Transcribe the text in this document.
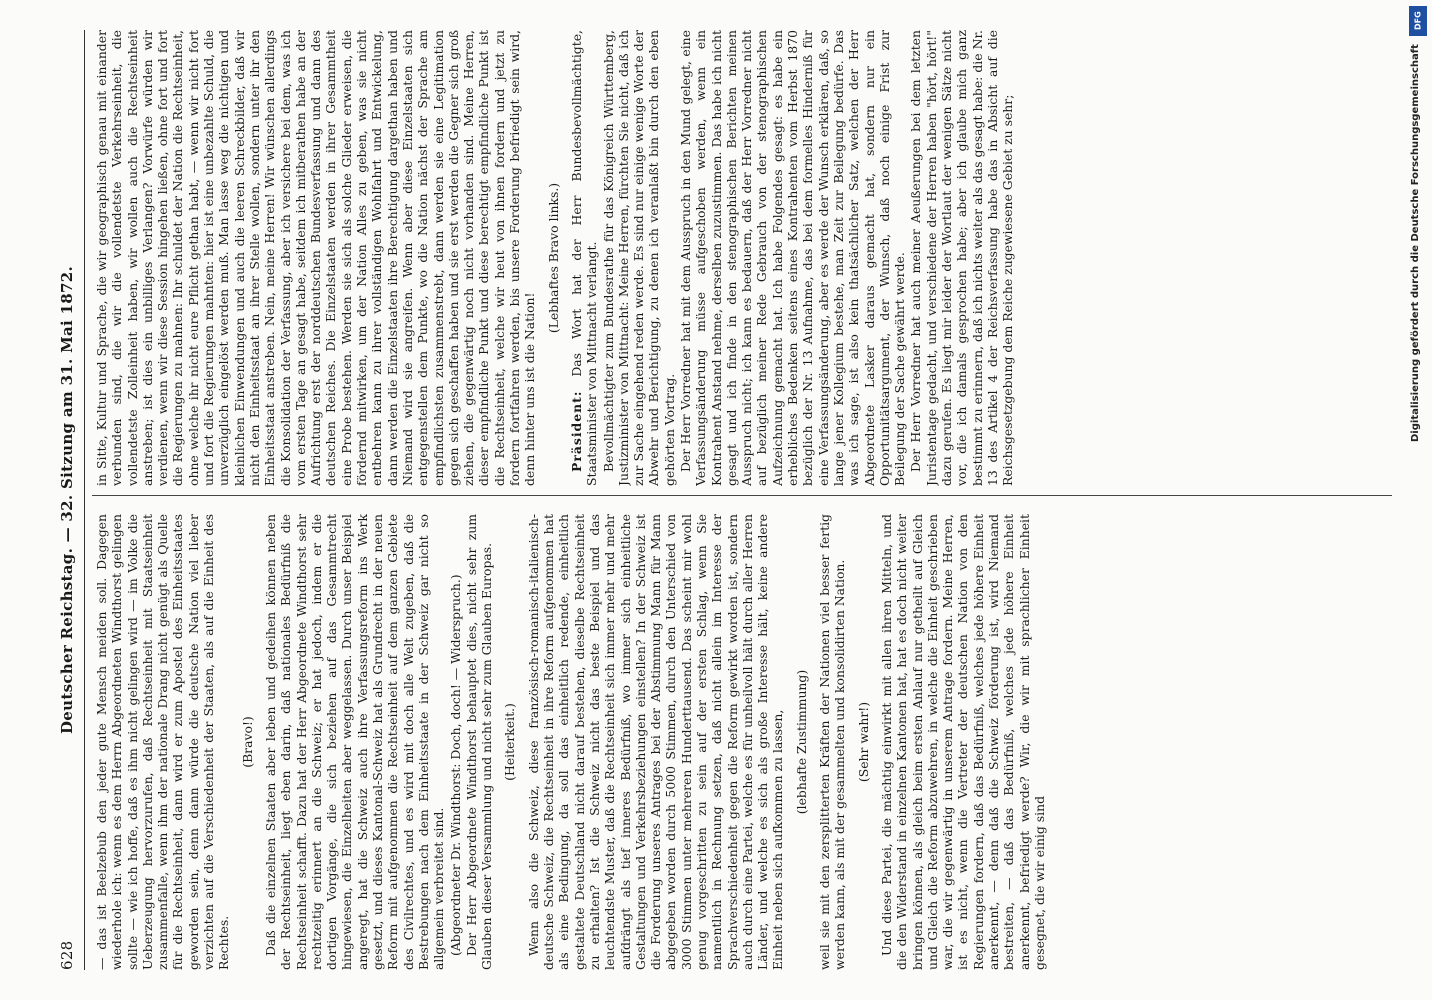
628
Deutscher Reichstag. — 32. Sitzung am 31. Mai 1872.

— das ist Beelzebub den jeder gute Mensch meiden soll. Dagegen wiederhole ich: wenn es dem Herrn Abgeordneten Windthorst gelingen sollte — wie ich hoffe, daß es ihm nicht gelingen wird — im Volke die Ueberzeugung hervorzurufen, daß Rechtseinheit mit Staatseinheit zusammenfalle, wenn ihm der nationale Drang nicht genügt als Quelle für die Rechtseinheit, dann wird er zum Apostel des Einheitsstaates geworden sein, denn dann würde die deutsche Nation viel lieber verzichten auf die Verschiedenheit der Staaten, als auf die Einheit des Rechtes.

(Bravo!) Daß die einzelnen Staaten aber leben und gedeihen können neben der Rechtseinheit, liegt eben darin, daß nationales Bedürfniß die Rechtseinheit schafft. Dazu hat der Herr Abgeordnete Windthorst sehr rechtzeitig erinnert an die Schweiz; er hat jedoch, indem er die dortigen Vorgänge, die sich beziehen auf das Gesammtrecht hingewiesen, die Einzelheiten aber weggelassen. Durch unser Beispiel angeregt, hat die Schweiz auch ihre Verfassungsreform ins Werk gesetzt, und dieses Kantonal-Schweiz hat als Grundrecht in der neuen Reform mit aufgenommen die Rechtseinheit auf dem ganzen Gebiete des Civilrechtes, und es wird mit doch alle Welt zugeben, daß die Bestrebungen nach dem Einheitsstaate in der Schweiz gar nicht so allgemein verbreitet sind. (Abgeordneter Dr. Windthorst: Doch, doch! — Widerspruch.) Der Herr Abgeordnete Windthorst behauptet dies, nicht sehr zum Glauben dieser Versammlung und nicht sehr zum Glauben Europas. (Heiterkeit.) Wenn also die Schweiz, diese französisch-romanisch-italienisch-deutsche Schweiz, die Rechtseinheit in ihre Reform aufgenommen hat als eine Bedingung, da soll das einheitlich redende, einheitlich gestaltete Deutschland nicht darauf bestehen, dieselbe Rechtseinheit zu erhalten? Ist die Schweiz nicht das beste Beispiel und das leuchtendste Muster, daß die Rechtseinheit sich immer mehr und mehr aufdrängt als tief inneres Bedürfniß, wo immer sich einheitliche Gestaltungen und Verkehrsbeziehungen einstellen? In der Schweiz ist die Forderung unseres Antrages bei der Abstimmung Mann für Mann abgegeben worden durch 5000 Stimmen, durch den Unterschied von 3000 Stimmen unter mehreren Hunderttausend. Das scheint mir wohl genug vorgeschritten zu sein auf der ersten Schlag, wenn Sie namentlich in Rechnung setzen, daß nicht allein im Interesse der Sprachverschiedenheit gegen die Reform gewirkt worden ist, sondern auch durch eine Partei, welche es für unheilvoll hält durch aller Herren Länder, und welche es sich als große Interesse hält, keine andere Einheit neben sich aufkommen zu lassen, (lebhafte Zustimmung) weil sie mit den zersplitterten Kräften der Nationen viel besser fertig werden kann, als mit der gesammelten und konsolidirten Nation. (Sehr wahr!) Und diese Partei, die mächtig einwirkt mit allen ihren Mitteln, und die den Widerstand in einzelnen Kantonen hat, hat es doch nicht weiter bringen können, als gleich beim ersten Anlauf nur getheilt auf Gleich und Gleich die Reform abzuwehren, in welche die Einheit geschrieben war, die wir gegenwärtig in unserem Antrage fordern. Meine Herren, ist es nicht, wenn die Vertreter der deutschen Nation von den Regierungen fordern, daß das Bedürfniß, welches jede höhere Einheit anerkennt, — denn daß die Schweiz förderung ist, wird Niemand bestreiten, — daß das Bedürfniß, welches jede höhere Einheit anerkennt, befriedigt werde? Wir, die wir mit sprachlicher Einheit gesegnet, die wir einig sind

in Sitte, Kultur und Sprache, die wir geographisch genau mit einander verbunden sind, die wir die vollendetste Verkehrseinheit, die vollendetste Zolleinheit haben, wir wollen auch die Rechtseinheit anstreben; ist dies ein unbilliges Verlangen? Vorwürfe würden wir verdienen, wenn wir diese Session hingehen ließen, ohne fort und fort die Regierungen zu mahnen: Ihr schuldet der Nation die Rechtseinheit, ohne welche ihr nicht eure Pflicht gethan habt, — wenn wir nicht fort und fort die Regierungen mahnten: hier ist eine unbezahlte Schuld, die unverzüglich eingelöst werden muß. Man lasse weg die nichtigen und kleinlichen Einwendungen und auch die leeren Schreckbilder, daß wir nicht den Einheitsstaat an ihrer Stelle wollen, sondern unter ihr den Einheitsstaat anstreben. Nein, meine Herren! Wir wünschen allerdings die Konsolidation der Verfassung, aber ich versichere bei dem, was ich vom ersten Tage an gesagt habe, seitdem ich mitberathen habe an der Aufrichtung erst der norddeutschen Bundesverfassung und dann des deutschen Reiches. Die Einzelstaaten werden in ihrer Gesammtheit eine Probe bestehen. Werden sie sich als solche Glieder erweisen, die fördernd mitwirken, um der Nation Alles zu geben, was sie nicht entbehren kann zu ihrer vollständigen Wohlfahrt und Entwickelung, dann werden die Einzelstaaten ihre Berechtigung dargethan haben und Niemand wird sie angreifen. Wenn aber diese Einzelstaaten sich entgegenstellen dem Punkte, wo die Nation nächst der Sprache am empfindlichsten zusammenstrebt, dann werden sie eine Legitimation gegen sich geschaffen haben und sie erst werden die Gegner sich groß ziehen, die gegenwärtig noch nicht vorhanden sind. Meine Herren, dieser empfindliche Punkt und diese berechtigt empfindliche Punkt ist die Rechtseinheit, welche wir heut von ihnen fordern und jetzt zu fordern fortfahren werden, bis unsere Forderung befriedigt sein wird, denn hinter uns ist die Nation!

(Lebhaftes Bravo links.)

Präsident: Das Wort hat der Herr Bundesbevollmächtigte, Staatsminister von Mittnacht verlangt. Bevollmächtigter zum Bundesrathe für das Königreich Württemberg, Justizminister von Mittnacht: Meine Herren, fürchten Sie nicht, daß ich zur Sache eingehend reden werde. Es sind nur einige wenige Worte der Abwehr und Berichtigung, zu denen ich veranlaßt bin durch den eben gehörten Vortrag. Der Herr Vorredner hat mit dem Ausspruch in den Mund gelegt, eine Verfassungsänderung müsse aufgeschoben werden, wenn ein Kontrahent Anstand nehme, derselben zuzustimmen. Das habe ich nicht gesagt und ich finde in den stenographischen Berichten meinen Ausspruch nicht; ich kann es bedauern, daß der Herr Vorredner nicht auf bezüglich meiner Rede Gebrauch von der stenographischen Aufzeichnung gemacht hat. Ich habe Folgendes gesagt: es habe ein erhebliches Bedenken seitens eines Kontrahenten vom Herbst 1870 bezüglich der Nr. 13 Aufnahme, das bei dem formelles Hinderniß für eine Verfassungsänderung, aber es werde der Wunsch erklären, daß, so lange jener Kollegium bestehe, man Zeit zur Beilegung bedürfe. Das was ich sage, ist also kein thatsächlicher Satz, welchen der Herr Abgeordnete Lasker daraus gemacht hat, sondern nur ein Opportunitätsargument, der Wunsch, daß noch einige Frist zur Beilegung der Sache gewährt werde. Der Herr Vorredner hat auch meiner Aeußerungen bei dem letzten Juristentage gedacht, und verschiedene der Herren haben "hört, hört!" dazu gerufen. Es liegt mir leider der Wortlaut der wenigen Sätze nicht vor, die ich damals gesprochen habe; aber ich glaube mich ganz bestimmt zu erinnern, daß ich nichts weiter als das gesagt habe: die Nr. 13 des Artikel 4 der Reichsverfassung habe das in Absicht auf die Reichsgesetzgebung dem Reiche zugewiesene Gebiet zu sehr;

DFG
Digitalisierung gefördert durch die Deutsche Forschungsgemeinschaft
